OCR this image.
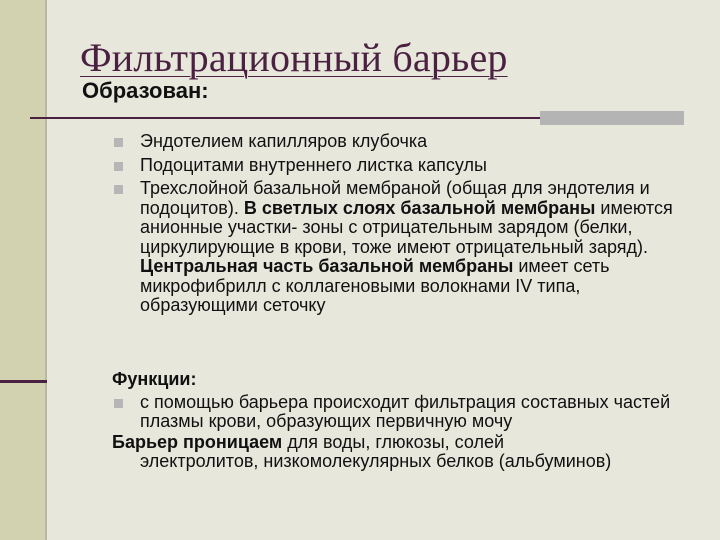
Фильтрационный барьер

Образован:

Эндотелием капилляров клубочка
Подоцитами внутреннего листка капсулы
Трехслойной базальной мембраной (общая для эндотелия и подоцитов). В светлых слоях базальной мембраны имеются анионные участки- зоны с отрицательным зарядом (белки, циркулирующие в крови, тоже имеют отрицательный заряд). Центральная часть базальной мембраны имеет сеть микрофибрилл с коллагеновыми волокнами IV типа, образующими сеточку

Функции:

с помощью барьера происходит фильтрация составных частей плазмы крови, образующих первичную мочу

Барьер проницаем для воды, глюкозы, солей
электролитов, низкомолекулярных белков (альбуминов)
